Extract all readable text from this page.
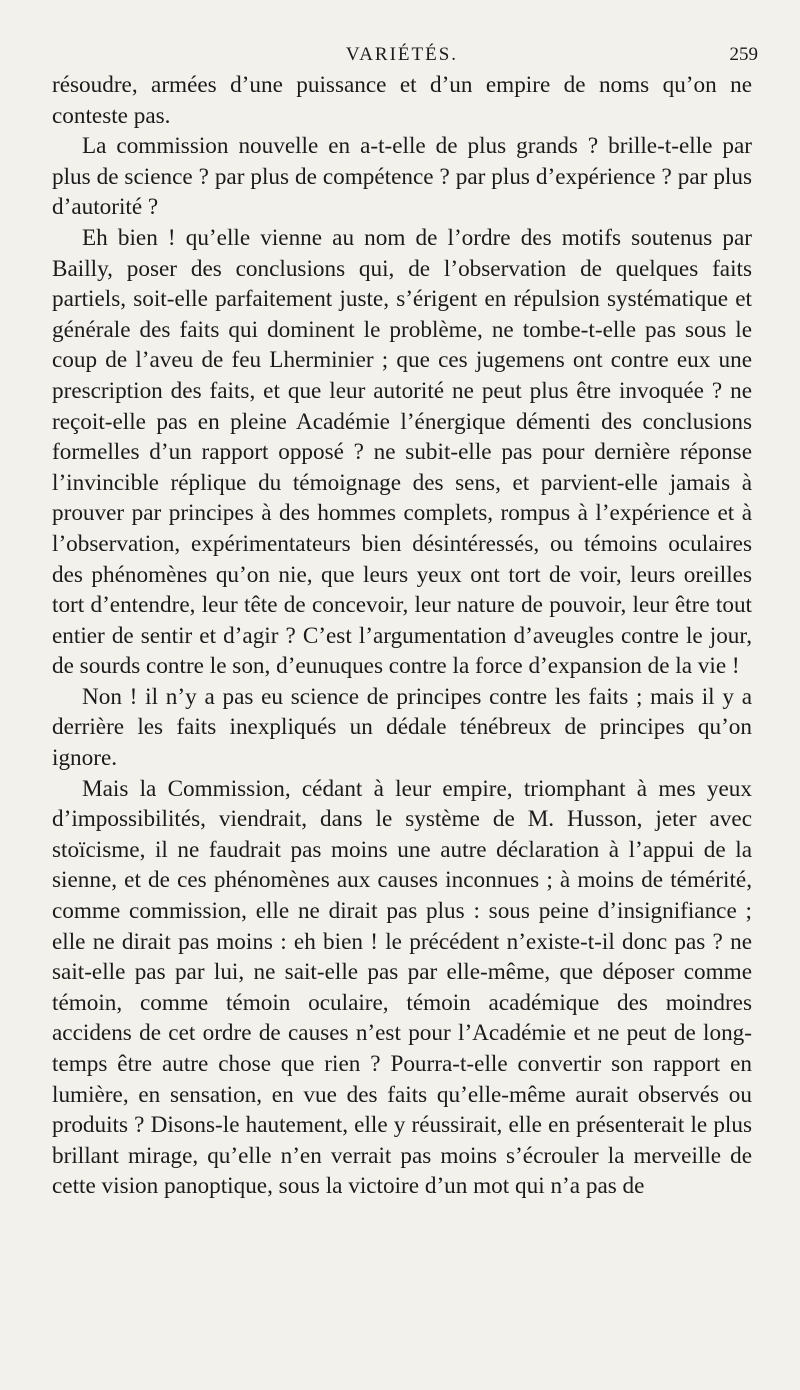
VARIÉTÉS.	259

résoudre, armées d’une puissance et d’un empire de noms qu’on ne conteste pas.

La commission nouvelle en a-t-elle de plus grands ? brille-t-elle par plus de science ? par plus de compétence ? par plus d’expérience ? par plus d’autorité ?

Eh bien ! qu’elle vienne au nom de l’ordre des motifs soutenus par Bailly, poser des conclusions qui, de l’observation de quelques faits partiels, soit-elle parfaitement juste, s’érigent en répulsion systématique et générale des faits qui dominent le problème, ne tombe-t-elle pas sous le coup de l’aveu de feu Lherminier ; que ces jugemens ont contre eux une prescription des faits, et que leur autorité ne peut plus être invoquée ? ne reçoit-elle pas en pleine Académie l’énergique démenti des conclusions formelles d’un rapport opposé ? ne subit-elle pas pour dernière réponse l’invincible réplique du témoignage des sens, et parvient-elle jamais à prouver par principes à des hommes complets, rompus à l’expérience et à l’observation, expérimentateurs bien désintéressés, ou témoins oculaires des phénomènes qu’on nie, que leurs yeux ont tort de voir, leurs oreilles tort d’entendre, leur tête de concevoir, leur nature de pouvoir, leur être tout entier de sentir et d’agir ? C’est l’argumentation d’aveugles contre le jour, de sourds contre le son, d’eunuques contre la force d’expansion de la vie !

Non ! il n’y a pas eu science de principes contre les faits ; mais il y a derrière les faits inexpliqués un dédale ténébreux de principes qu’on ignore.

Mais la Commission, cédant à leur empire, triomphant à mes yeux d’impossibilités, viendrait, dans le système de M. Husson, jeter avec stoïcisme, il ne faudrait pas moins une autre déclaration à l’appui de la sienne, et de ces phénomènes aux causes inconnues ; à moins de témérité, comme commission, elle ne dirait pas plus : sous peine d’insignifiance ; elle ne dirait pas moins : eh bien ! le précédent n’existe-t-il donc pas ? ne sait-elle pas par lui, ne sait-elle pas par elle-même, que déposer comme témoin, comme témoin oculaire, témoin académique des moindres accidens de cet ordre de causes n’est pour l’Académie et ne peut de long-temps être autre chose que rien ? Pourra-t-elle convertir son rapport en lumière, en sensation, en vue des faits qu’elle-même aurait observés ou produits ? Disons-le hautement, elle y réussirait, elle en présenterait le plus brillant mirage, qu’elle n’en verrait pas moins s’écrouler la merveille de cette vision panoptique, sous la victoire d’un mot qui n’a pas de
